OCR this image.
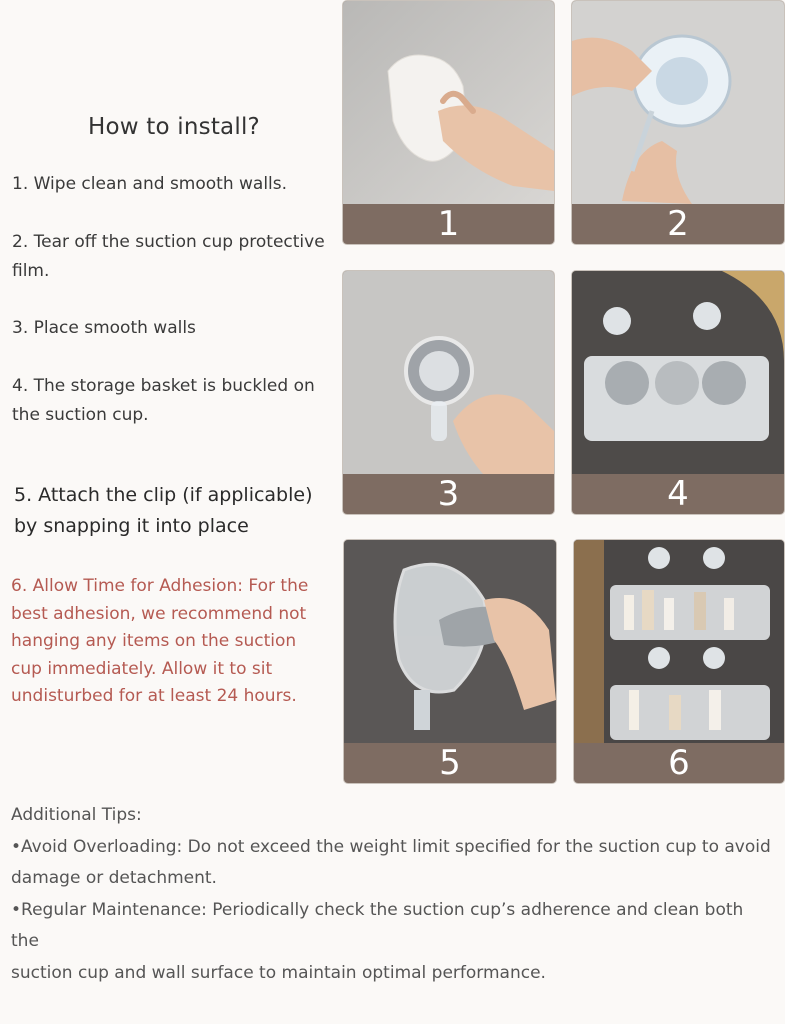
How to install?
1. Wipe clean and smooth walls.
2. Tear off the suction cup protective
film.
3. Place smooth walls
4. The storage basket is buckled on
the suction cup.
5. Attach the clip (if applicable)
by snapping it into place
6. Allow Time for Adhesion: For the
best adhesion, we recommend not
hanging any items on the suction
cup immediately. Allow it to sit
undisturbed for at least 24 hours.
1	2
3	4
5	6
Additional Tips:
•Avoid Overloading: Do not exceed the weight limit specified for the suction cup to avoid
damage or detachment.
•Regular Maintenance: Periodically check the suction cup’s adherence and clean both the
suction cup and wall surface to maintain optimal performance.
